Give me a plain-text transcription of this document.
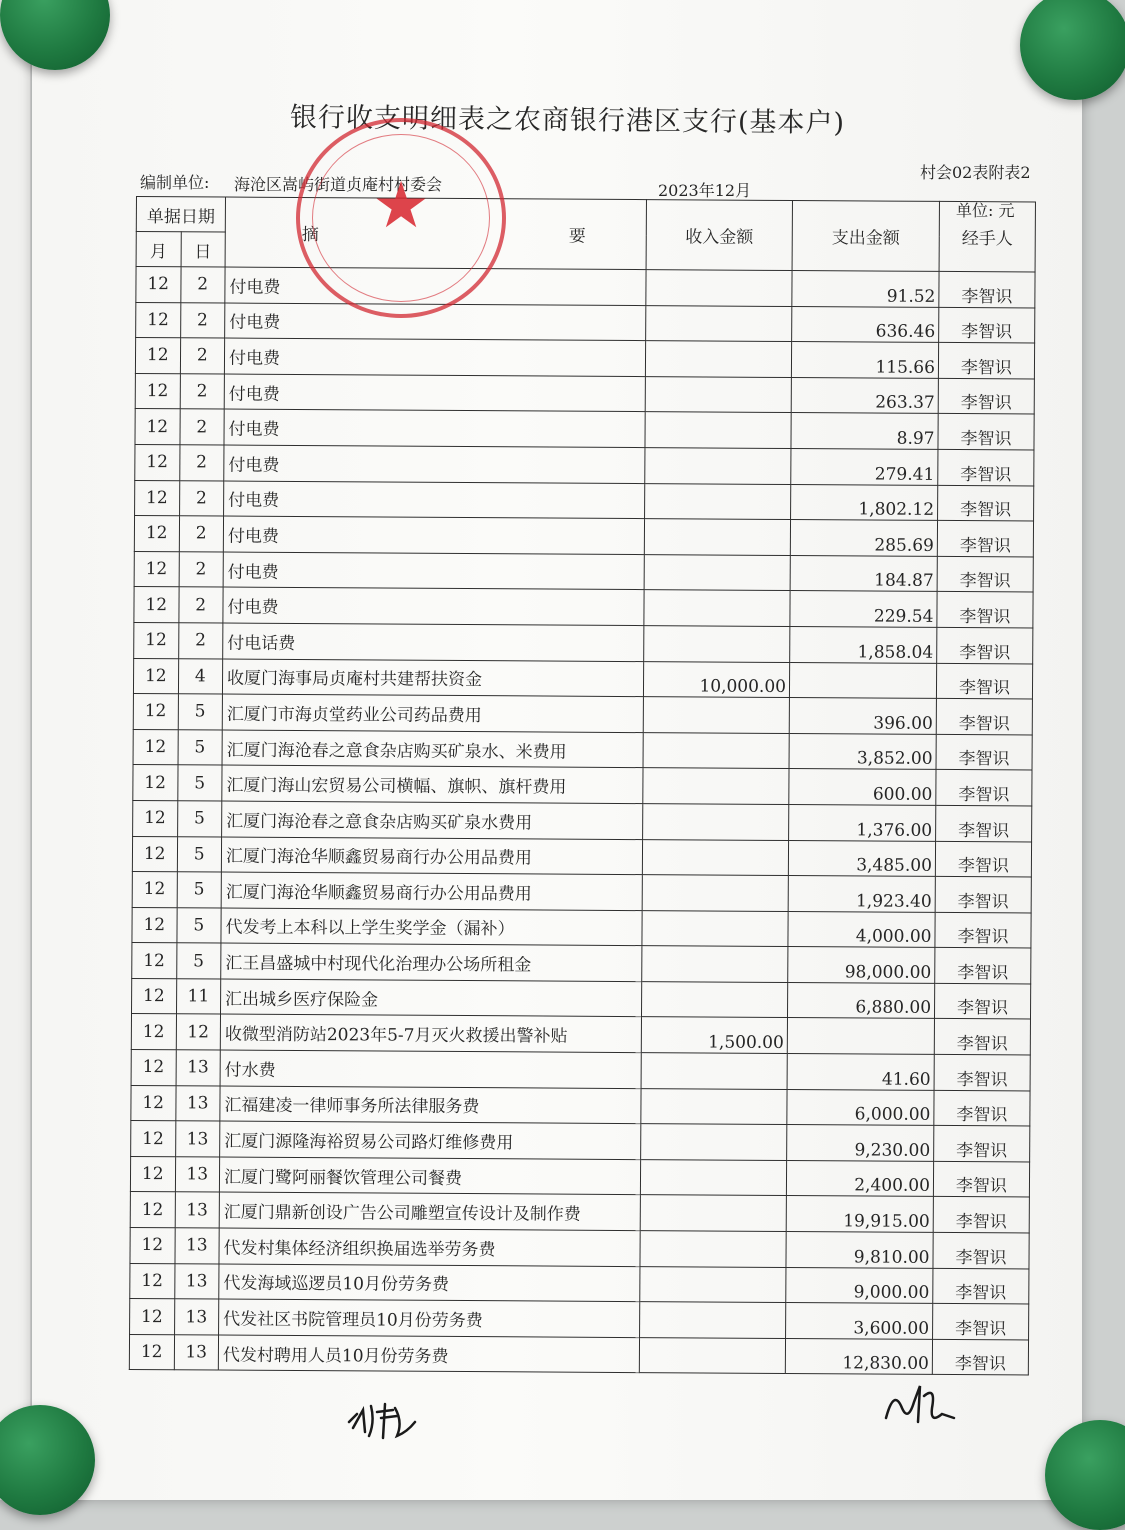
银行收支明细表之农商银行港区支行(基本户)
编制单位: 海沧区嵩屿街道贞庵村村委会	2023年12月
村会02表附表2
单位: 元
单据日期		摘 要	收入金额	支出金额	经手人
月	日				
12	2	付电费		91.52	李智识
12	2	付电费		636.46	李智识
12	2	付电费		115.66	李智识
12	2	付电费		263.37	李智识
12	2	付电费		8.97	李智识
12	2	付电费		279.41	李智识
12	2	付电费		1,802.12	李智识
12	2	付电费		285.69	李智识
12	2	付电费		184.87	李智识
12	2	付电费		229.54	李智识
12	2	付电话费		1,858.04	李智识
12	4	收厦门海事局贞庵村共建帮扶资金	10,000.00		李智识
12	5	汇厦门市海贞堂药业公司药品费用		396.00	李智识
12	5	汇厦门海沧春之意食杂店购买矿泉水、米费用		3,852.00	李智识
12	5	汇厦门海山宏贸易公司横幅、旗帜、旗杆费用		600.00	李智识
12	5	汇厦门海沧春之意食杂店购买矿泉水费用		1,376.00	李智识
12	5	汇厦门海沧华顺鑫贸易商行办公用品费用		3,485.00	李智识
12	5	汇厦门海沧华顺鑫贸易商行办公用品费用		1,923.40	李智识
12	5	代发考上本科以上学生奖学金（漏补）		4,000.00	李智识
12	5	汇王昌盛城中村现代化治理办公场所租金		98,000.00	李智识
12	11	汇出城乡医疗保险金		6,880.00	李智识
12	12	收微型消防站2023年5-7月灭火救援出警补贴	1,500.00		李智识
12	13	付水费		41.60	李智识
12	13	汇福建凌一律师事务所法律服务费		6,000.00	李智识
12	13	汇厦门源隆海裕贸易公司路灯维修费用		9,230.00	李智识
12	13	汇厦门鹭阿丽餐饮管理公司餐费		2,400.00	李智识
12	13	汇厦门鼎新创设广告公司雕塑宣传设计及制作费		19,915.00	李智识
12	13	代发村集体经济组织换届选举劳务费		9,810.00	李智识
12	13	代发海域巡逻员10月份劳务费		9,000.00	李智识
12	13	代发社区书院管理员10月份劳务费		3,600.00	李智识
12	13	代发村聘用人员10月份劳务费		12,830.00	李智识
★
